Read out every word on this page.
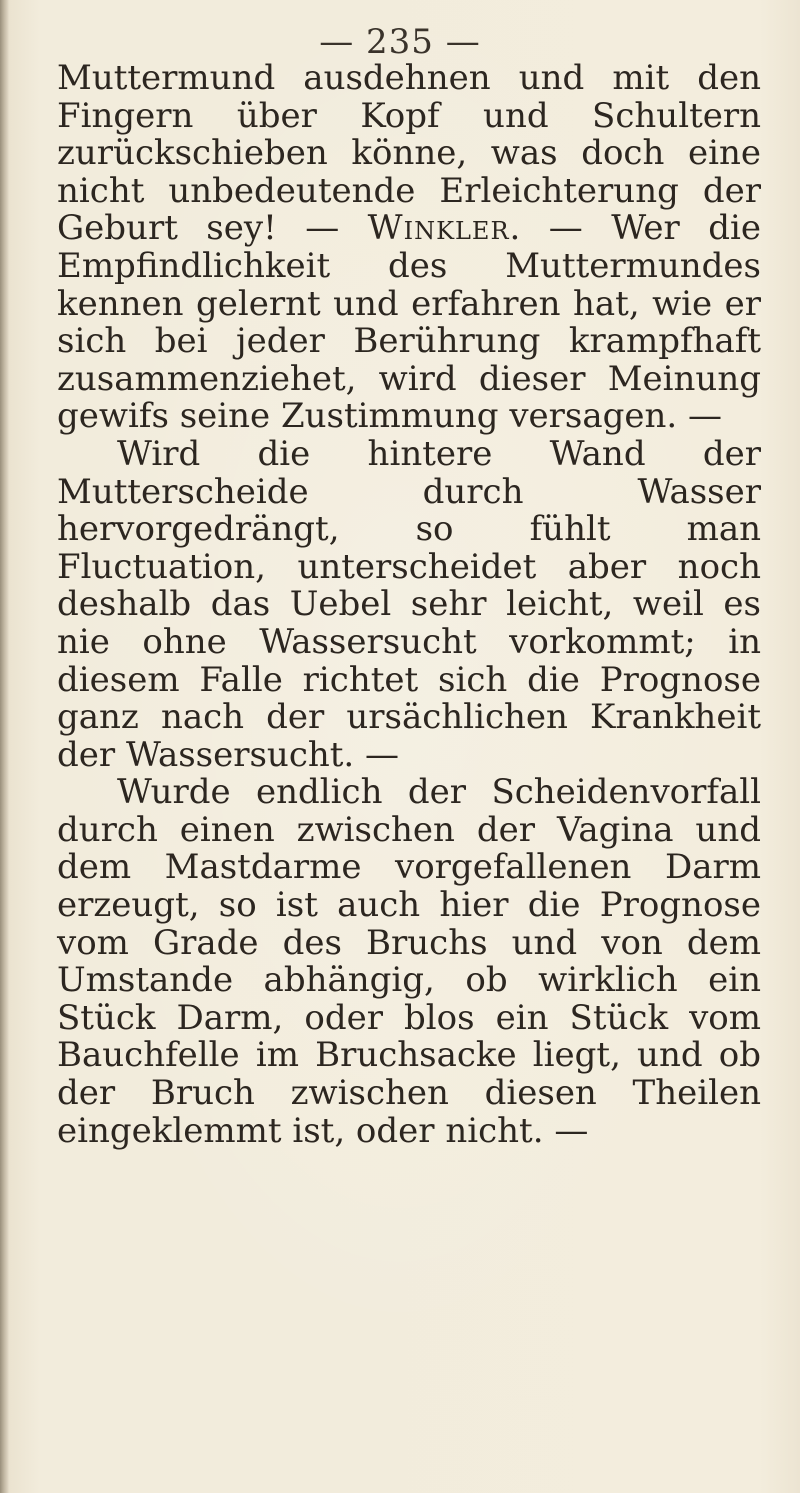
— 235 —

Muttermund ausdehnen und mit den Fingern über Kopf und Schultern zurückschieben könne, was doch eine nicht unbedeutende Erleichterung der Geburt sey! — Winkler. — Wer die Empfindlichkeit des Muttermundes kennen gelernt und erfahren hat, wie er sich bei jeder Berührung krampfhaft zusammenziehet, wird dieser Meinung gewifs seine Zustimmung versagen. —

Wird die hintere Wand der Mutterscheide durch Wasser hervorgedrängt, so fühlt man Fluctuation, unterscheidet aber noch deshalb das Uebel sehr leicht, weil es nie ohne Wassersucht vorkommt; in diesem Falle richtet sich die Prognose ganz nach der ursächlichen Krankheit der Wassersucht. —

Wurde endlich der Scheidenvorfall durch einen zwischen der Vagina und dem Mastdarme vorgefallenen Darm erzeugt, so ist auch hier die Prognose vom Grade des Bruchs und von dem Umstande abhängig, ob wirklich ein Stück Darm, oder blos ein Stück vom Bauchfelle im Bruchsacke liegt, und ob der Bruch zwischen diesen Theilen eingeklemmt ist, oder nicht. —
